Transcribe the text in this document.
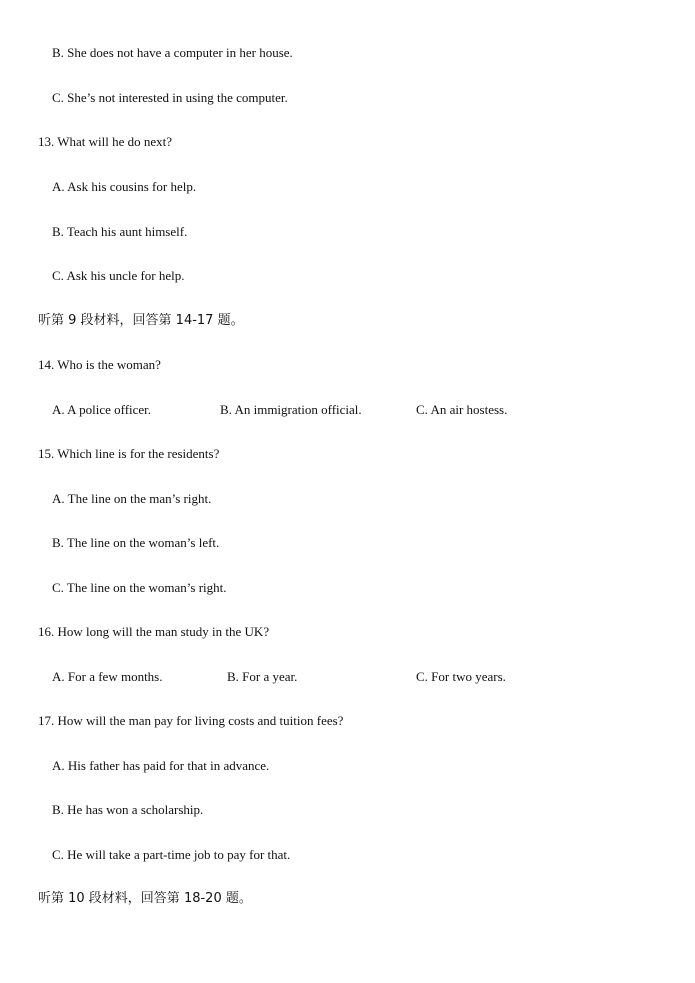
B. She does not have a computer in her house.
C. She’s not interested in using the computer.
13. What will he do next?
A. Ask his cousins for help.
B. Teach his aunt himself.
C. Ask his uncle for help.
听第 9 段材料，回答第 14-17 题。
14. Who is the woman?
A. A police officer.	B. An immigration official.	C. An air hostess.
15. Which line is for the residents?
A. The line on the man’s right.
B. The line on the woman’s left.
C. The line on the woman’s right.
16. How long will the man study in the UK?
A. For a few months.	B. For a year.	C. For two years.
17. How will the man pay for living costs and tuition fees?
A. His father has paid for that in advance.
B. He has won a scholarship.
C. He will take a part-time job to pay for that.
听第 10 段材料，回答第 18-20 题。
